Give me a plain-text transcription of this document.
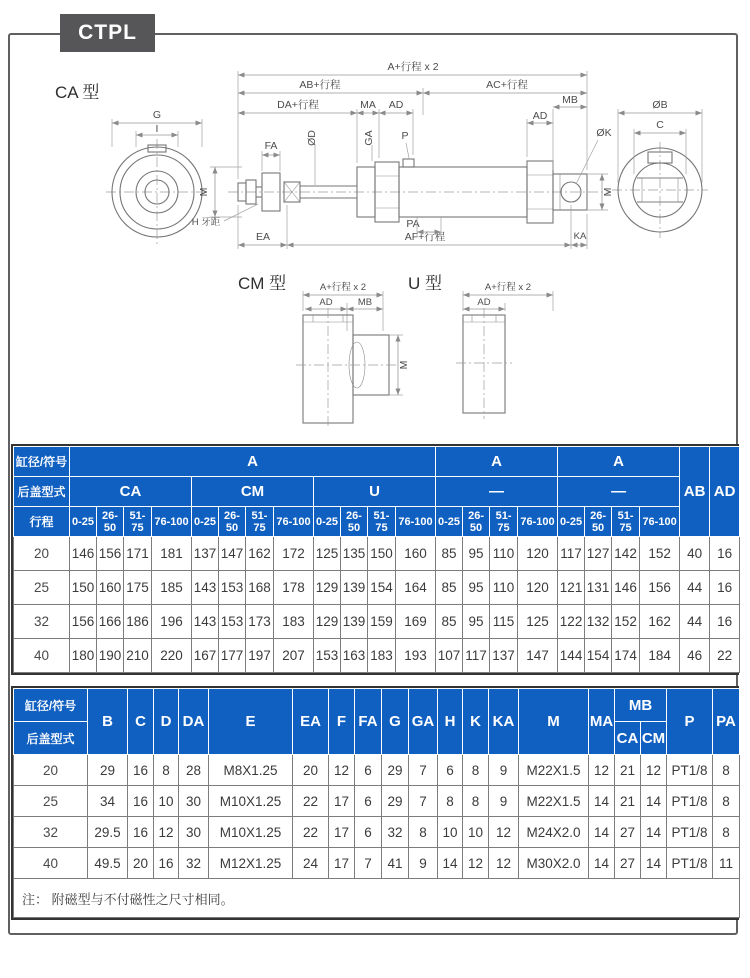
CTPL
CA 型
G
I
A+行程 x 2
AB+行程	AC+行程
MB
AD
DA+行程	MA AD
ØD	GA	P
FA
ØK
M
H 牙距
M
EA	AF+行程	KA
PA
ØB
C
CM 型	A+行程 x 2
AD	MB
M
U 型	A+行程 x 2
AD
缸径/符号	A												A				A				AB	AD
后盖型式	CA				CM				U				—				—					
行程	0-25	26-50	51-75	76-100	0-25	26-50	51-75	76-100	0-25	26-50	51-75	76-100	0-25	26-50	51-75	76-100	0-25	26-50	51-75	76-100		
20	146	156	171	181	137	147	162	172	125	135	150	160	85	95	110	120	117	127	142	152	40	16
25	150	160	175	185	143	153	168	178	129	139	154	164	85	95	110	120	121	131	146	156	44	16
32	156	166	186	196	143	153	173	183	129	139	159	169	85	95	115	125	122	132	152	162	44	16
40	180	190	210	220	167	177	197	207	153	163	183	193	107	117	137	147	144	154	174	184	46	22
缸径/符号	B	C	D	DA	E	EA	F	FA	G	GA	H	K	KA	M	MA	MB		P	PA
后盖型式																CA	CM		
20	29	16	8	28	M8X1.25	20	12	6	29	7	6	8	9	M22X1.5	12	21	12	PT1/8	8
25	34	16	10	30	M10X1.25	22	17	6	29	7	8	8	9	M22X1.5	14	21	14	PT1/8	8
32	29.5	16	12	30	M10X1.25	22	17	6	32	8	10	10	12	M24X2.0	14	27	14	PT1/8	8
40	49.5	20	16	32	M12X1.25	24	17	7	41	9	14	12	12	M30X2.0	14	27	14	PT1/8	11
注： 附磁型与不付磁性之尺寸相同。																			
